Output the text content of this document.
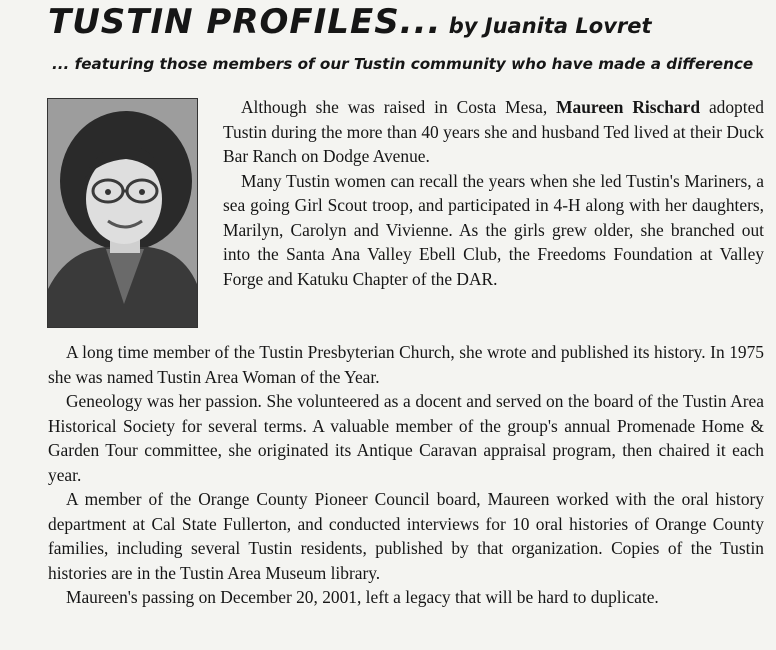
TUSTIN PROFILES... by Juanita Lovret
... featuring those members of our Tustin community who have made a difference

Although she was raised in Costa Mesa, Maureen Rischard adopted Tustin during the more than 40 years she and husband Ted lived at their Duck Bar Ranch on Dodge Avenue.

Many Tustin women can recall the years when she led Tustin's Mariners, a sea going Girl Scout troop, and participated in 4-H along with her daughters, Marilyn, Carolyn and Vivienne. As the girls grew older, she branched out into the Santa Ana Valley Ebell Club, the Freedoms Foundation at Valley Forge and Katuku Chapter of the DAR.

A long time member of the Tustin Presbyterian Church, she wrote and published its history. In 1975 she was named Tustin Area Woman of the Year.

Geneology was her passion. She volunteered as a docent and served on the board of the Tustin Area Historical Society for several terms. A valuable member of the group's annual Promenade Home & Garden Tour committee, she originated its Antique Caravan appraisal program, then chaired it each year.

A member of the Orange County Pioneer Council board, Maureen worked with the oral history department at Cal State Fullerton, and conducted interviews for 10 oral histories of Orange County families, including several Tustin residents, published by that organization. Copies of the Tustin histories are in the Tustin Area Museum library.

Maureen's passing on December 20, 2001, left a legacy that will be hard to duplicate.
